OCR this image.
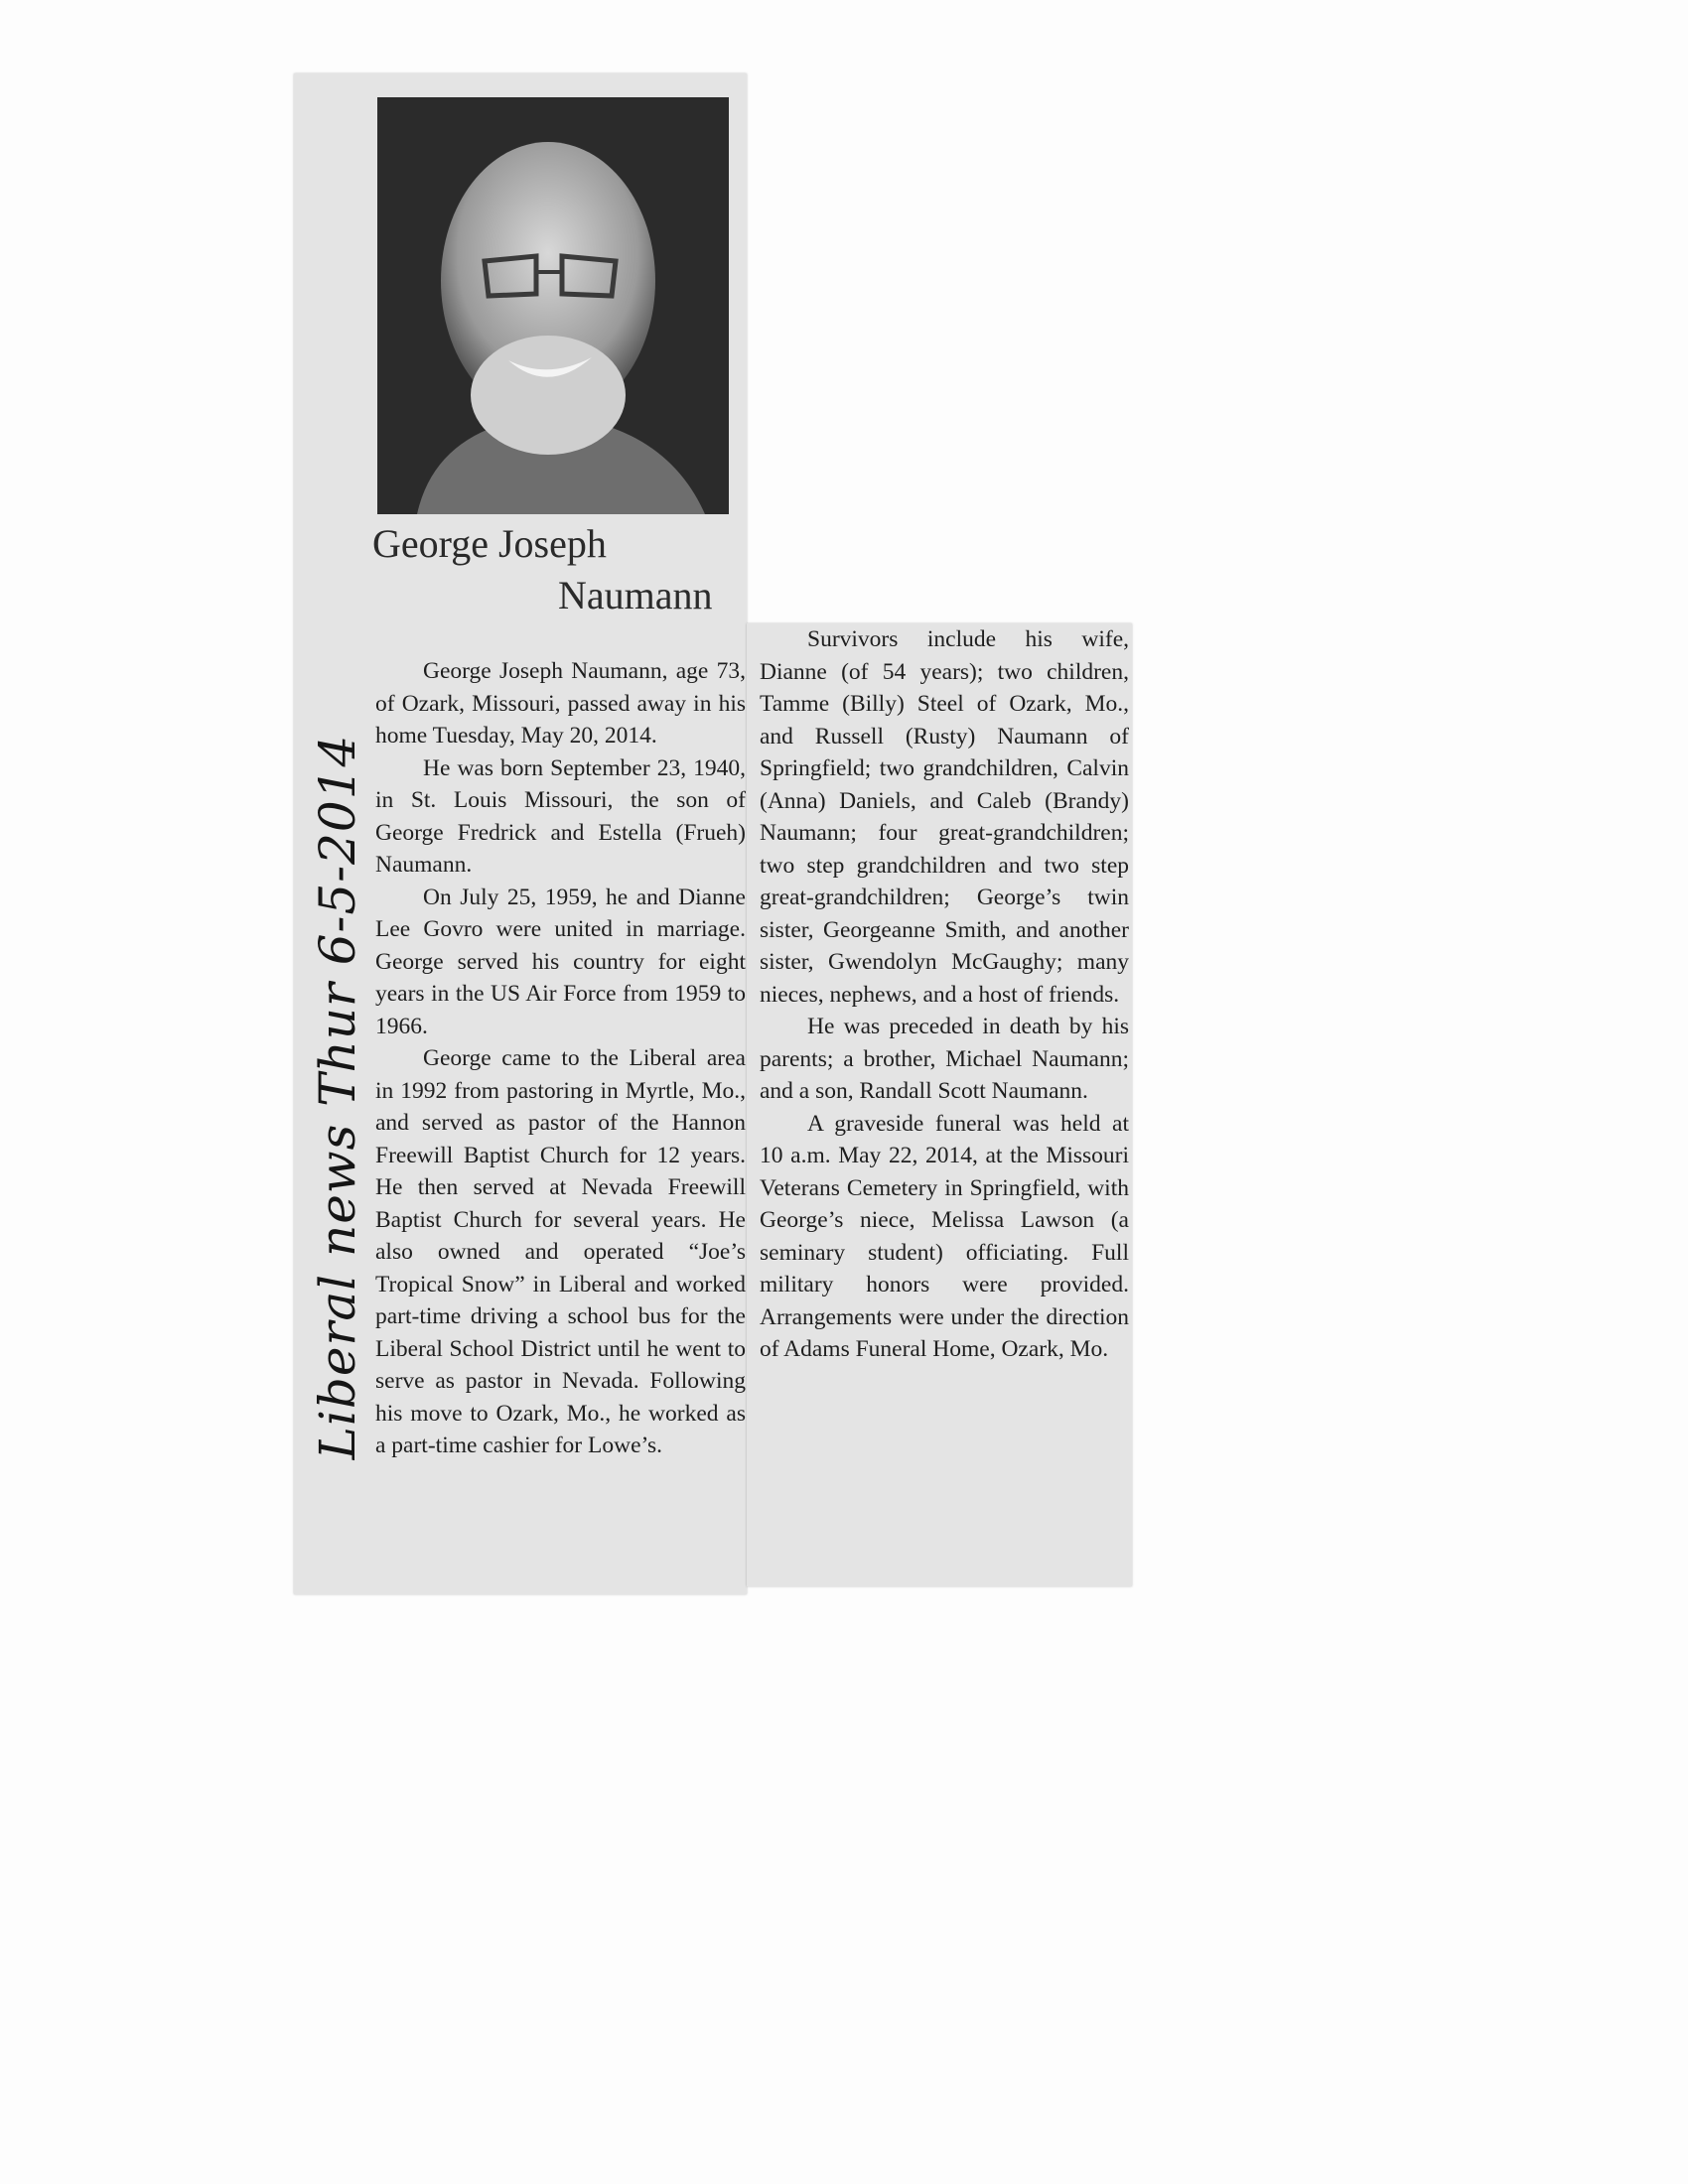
George Joseph
Naumann

George Joseph Naumann, age 73, of Ozark, Missouri, passed away in his home Tuesday, May 20, 2014.

He was born September 23, 1940, in St. Louis Missouri, the son of George Fredrick and Estella (Frueh) Naumann.

On July 25, 1959, he and Dianne Lee Govro were united in marriage. George served his country for eight years in the US Air Force from 1959 to 1966.

George came to the Liberal area in 1992 from pastoring in Myrtle, Mo., and served as pastor of the Hannon Freewill Baptist Church for 12 years. He then served at Nevada Freewill Baptist Church for several years. He also owned and operated “Joe’s Tropical Snow” in Liberal and worked part-time driving a school bus for the Liberal School District until he went to serve as pastor in Nevada. Following his move to Ozark, Mo., he worked as a part-time cashier for Lowe’s.

Survivors include his wife, Dianne (of 54 years); two children, Tamme (Billy) Steel of Ozark, Mo., and Russell (Rusty) Naumann of Springfield; two grandchildren, Calvin (Anna) Daniels, and Caleb (Brandy) Naumann; four great-grandchildren; two step grandchildren and two step great-grandchildren; George’s twin sister, Georgeanne Smith, and another sister, Gwendolyn McGaughy; many nieces, nephews, and a host of friends.

He was preceded in death by his parents; a brother, Michael Naumann; and a son, Randall Scott Naumann.

A graveside funeral was held at 10 a.m. May 22, 2014, at the Missouri Veterans Cemetery in Springfield, with George’s niece, Melissa Lawson (a seminary student) officiating. Full military honors were provided. Arrangements were under the direction of Adams Funeral Home, Ozark, Mo.

Liberal news Thur 6-5-2014
